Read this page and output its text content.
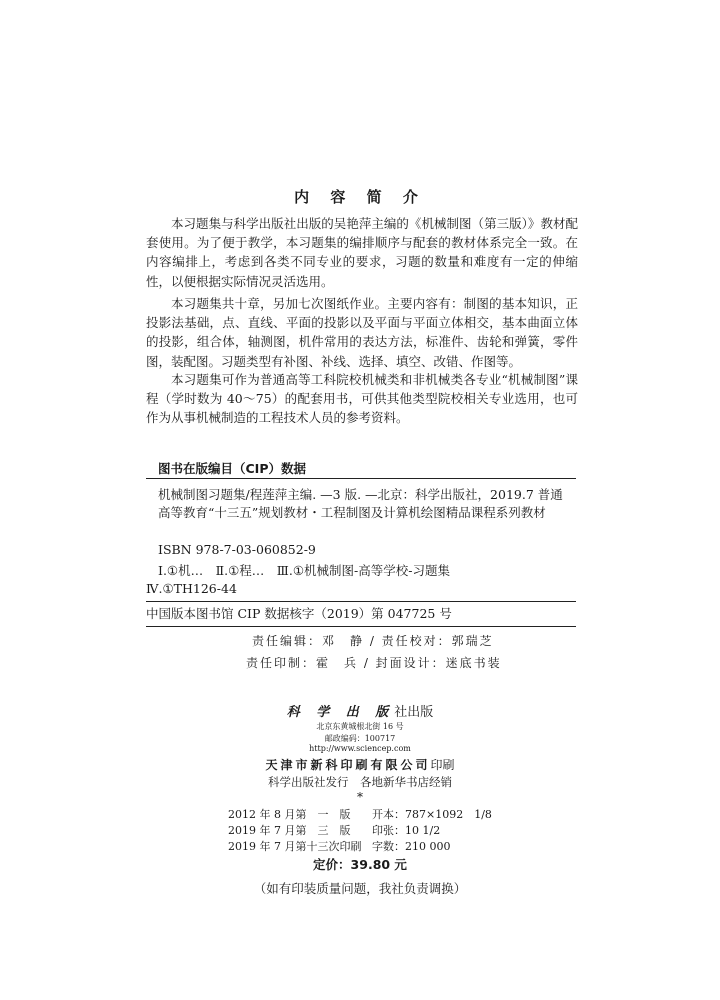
内 容 简 介
本习题集与科学出版社出版的吴艳萍主编的《机械制图（第三版）》教材配套使用。为了便于教学，本习题集的编排顺序与配套的教材体系完全一致。在内容编排上，考虑到各类不同专业的要求，习题的数量和难度有一定的伸缩性，以便根据实际情况灵活选用。
本习题集共十章，另加七次图纸作业。主要内容有：制图的基本知识，正投影法基础，点、直线、平面的投影以及平面与平面立体相交，基本曲面立体的投影，组合体，轴测图，机件常用的表达方法，标准件、齿轮和弹簧，零件图，装配图。习题类型有补图、补线、选择、填空、改错、作图等。
本习题集可作为普通高等工科院校机械类和非机械类各专业“机械制图”课程（学时数为 40～75）的配套用书，可供其他类型院校相关专业选用，也可作为从事机械制造的工程技术人员的参考资料。
图书在版编目（CIP）数据
机械制图习题集/程莲萍主编. —3 版. —北京：科学出版社，2019.7 普通高等教育“十三五”规划教材・工程制图及计算机绘图精品课程系列教材
ISBN 978-7-03-060852-9
Ⅰ.①机…　Ⅱ.①程…　Ⅲ.①机械制图-高等学校-习题集
Ⅳ.①TH126-44
中国版本图书馆 CIP 数据核字（2019）第 047725 号
责任编辑：邓　静 / 责任校对：郭瑞芝
责任印制：霍　兵 / 封面设计：迷底书装
科 学 出 版社出版
北京东黄城根北街 16 号
邮政编码：100717
http://www.sciencep.com
天津市新科印刷有限公司印刷
科学出版社发行　各地新华书店经销
*
2012 年 8 月第　一　版 开本：787×1092　1/8
2019 年 7 月第　三　版 印张：10 1/2
2019 年 7 月第十三次印刷 字数：210 000
定价：39.80 元
（如有印装质量问题，我社负责调换）
